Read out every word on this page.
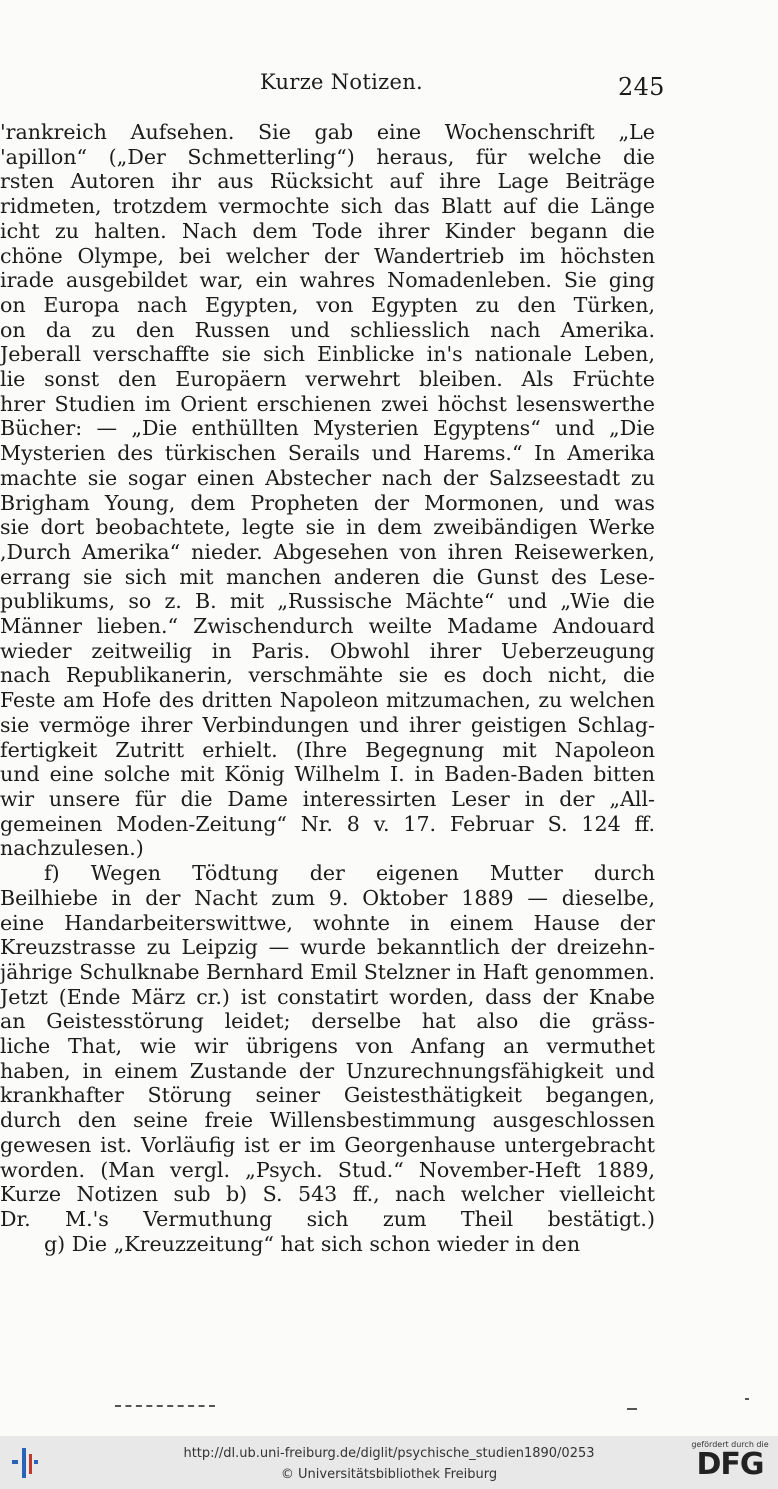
Kurze Notizen.	245
'rankreich Aufsehen. Sie gab eine Wochenschrift „Le
'apillon“ („Der Schmetterling“) heraus, für welche die
rsten Autoren ihr aus Rücksicht auf ihre Lage Beiträge
ridmeten, trotzdem vermochte sich das Blatt auf die Länge
icht zu halten. Nach dem Tode ihrer Kinder begann die
chöne Olympe, bei welcher der Wandertrieb im höchsten
irade ausgebildet war, ein wahres Nomadenleben. Sie ging
on Europa nach Egypten, von Egypten zu den Türken,
on da zu den Russen und schliesslich nach Amerika.
Jeberall verschaffte sie sich Einblicke in's nationale Leben,
lie sonst den Europäern verwehrt bleiben. Als Früchte
hrer Studien im Orient erschienen zwei höchst lesenswerthe
Bücher: — „Die enthüllten Mysterien Egyptens“ und „Die
Mysterien des türkischen Serails und Harems.“ In Amerika
machte sie sogar einen Abstecher nach der Salzseestadt zu
Brigham Young, dem Propheten der Mormonen, und was
sie dort beobachtete, legte sie in dem zweibändigen Werke
,Durch Amerika“ nieder. Abgesehen von ihren Reisewerken,
errang sie sich mit manchen anderen die Gunst des Lese-
publikums, so z. B. mit „Russische Mächte“ und „Wie die
Männer lieben.“ Zwischendurch weilte Madame Andouard
wieder zeitweilig in Paris. Obwohl ihrer Ueberzeugung
nach Republikanerin, verschmähte sie es doch nicht, die
Feste am Hofe des dritten Napoleon mitzumachen, zu welchen
sie vermöge ihrer Verbindungen und ihrer geistigen Schlag-
fertigkeit Zutritt erhielt. (Ihre Begegnung mit Napoleon
und eine solche mit König Wilhelm I. in Baden-Baden bitten
wir unsere für die Dame interessirten Leser in der „All-
gemeinen Moden-Zeitung“ Nr. 8 v. 17. Februar S. 124 ff.
nachzulesen.)
f) Wegen Tödtung der eigenen Mutter durch
Beilhiebe in der Nacht zum 9. Oktober 1889 — dieselbe,
eine Handarbeiterswittwe, wohnte in einem Hause der
Kreuzstrasse zu Leipzig — wurde bekanntlich der dreizehn-
jährige Schulknabe Bernhard Emil Stelzner in Haft genommen.
Jetzt (Ende März cr.) ist constatirt worden, dass der Knabe
an Geistesstörung leidet; derselbe hat also die gräss-
liche That, wie wir übrigens von Anfang an vermuthet
haben, in einem Zustande der Unzurechnungsfähigkeit und
krankhafter Störung seiner Geistesthätigkeit begangen,
durch den seine freie Willensbestimmung ausgeschlossen
gewesen ist. Vorläufig ist er im Georgenhause untergebracht
worden. (Man vergl. „Psych. Stud.“ November-Heft 1889,
Kurze Notizen sub b) S. 543 ff., nach welcher vielleicht
Dr. M.'s Vermuthung sich zum Theil bestätigt.)
g) Die „Kreuzzeitung“ hat sich schon wieder in den
http://dl.ub.uni-freiburg.de/diglit/psychische_studien1890/0253
© Universitätsbibliothek Freiburg
gefördert durch die
DFG
